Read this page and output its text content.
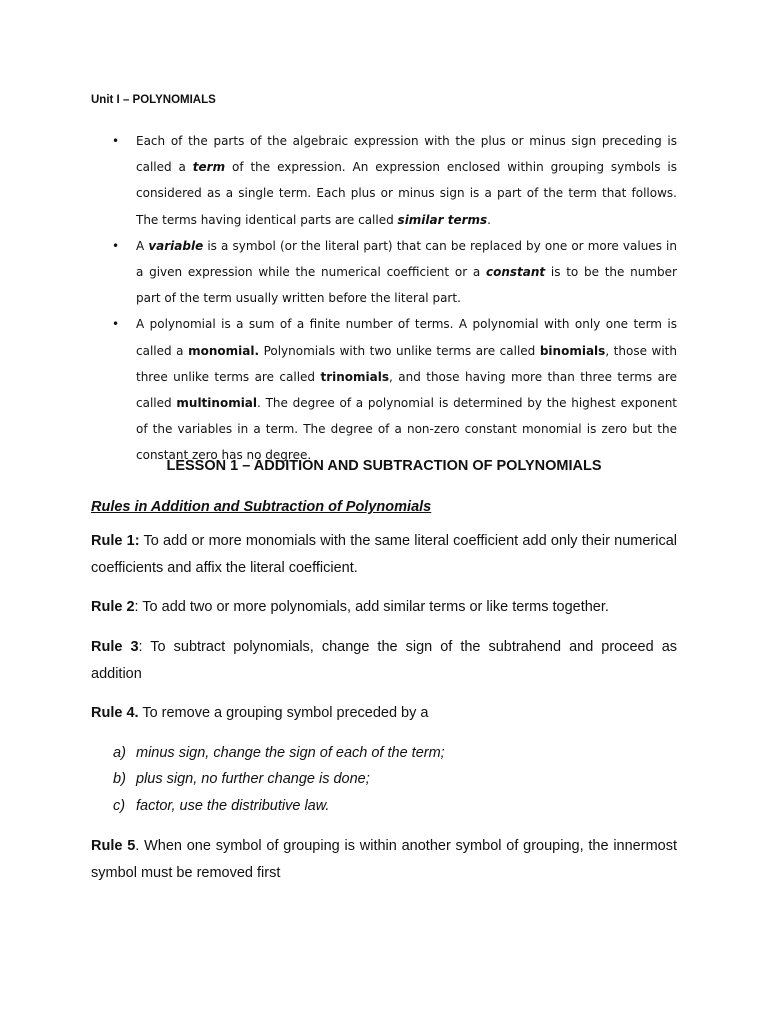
Unit I – POLYNOMIALS
• Each of the parts of the algebraic expression with the plus or minus sign preceding is called a term of the expression. An expression enclosed within grouping symbols is considered as a single term. Each plus or minus sign is a part of the term that follows. The terms having identical parts are called similar terms.
• A variable is a symbol (or the literal part) that can be replaced by one or more values in a given expression while the numerical coefficient or a constant is to be the number part of the term usually written before the literal part.
• A polynomial is a sum of a finite number of terms. A polynomial with only one term is called a monomial. Polynomials with two unlike terms are called binomials, those with three unlike terms are called trinomials, and those having more than three terms are called multinomial. The degree of a polynomial is determined by the highest exponent of the variables in a term. The degree of a non-zero constant monomial is zero but the constant zero has no degree.
LESSON 1 – ADDITION AND SUBTRACTION OF POLYNOMIALS
Rules in Addition and Subtraction of Polynomials
Rule 1: To add or more monomials with the same literal coefficient add only their numerical coefficients and affix the literal coefficient.
Rule 2: To add two or more polynomials, add similar terms or like terms together.
Rule 3: To subtract polynomials, change the sign of the subtrahend and proceed as addition
Rule 4. To remove a grouping symbol preceded by a
a) minus sign, change the sign of each of the term;
b) plus sign, no further change is done;
c) factor, use the distributive law.
Rule 5. When one symbol of grouping is within another symbol of grouping, the innermost symbol must be removed first
